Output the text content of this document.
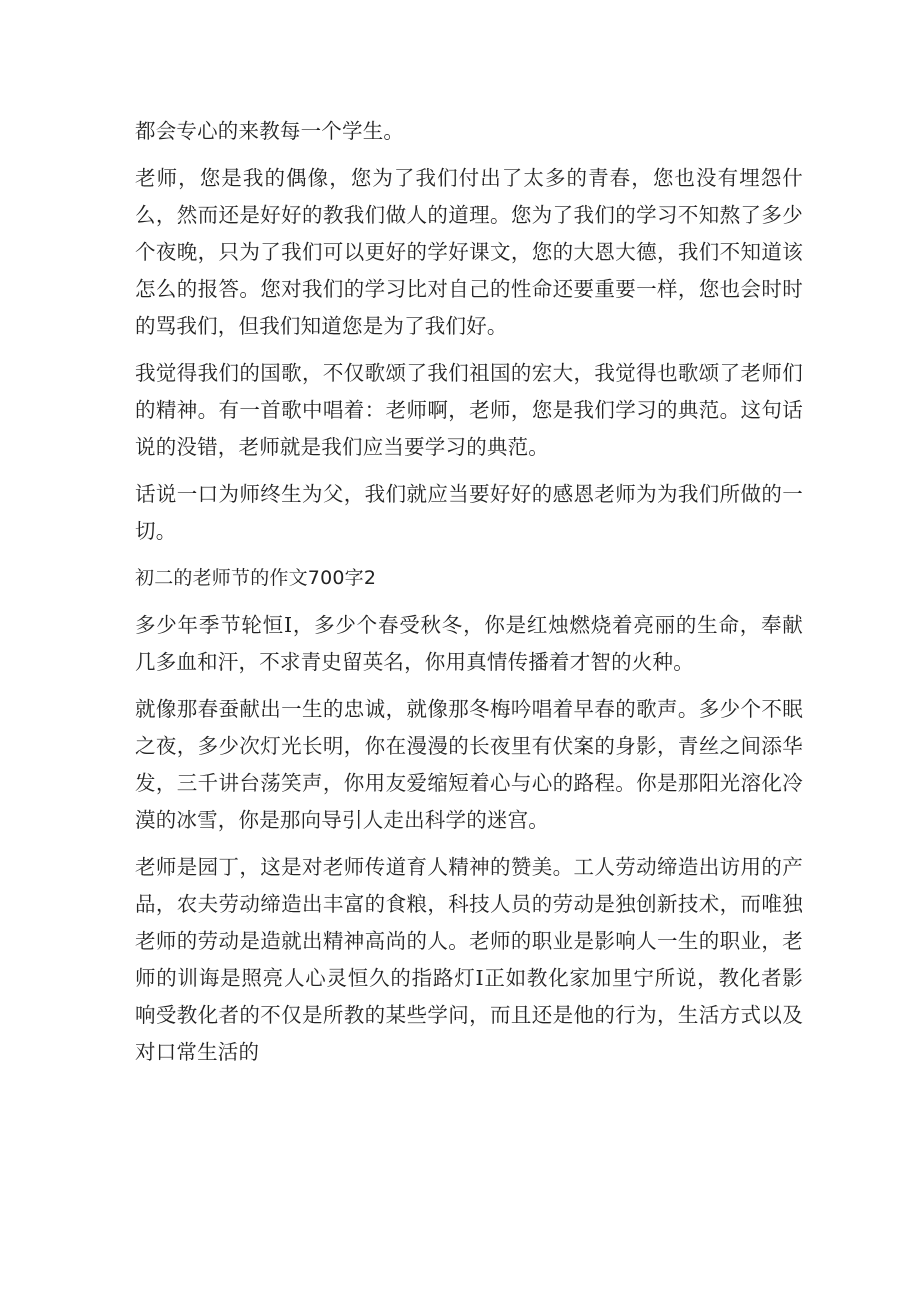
都会专心的来教每一个学生。

老师，您是我的偶像，您为了我们付出了太多的青春，您也没有埋怨什么，然而还是好好的教我们做人的道理。您为了我们的学习不知熬了多少个夜晚，只为了我们可以更好的学好课文，您的大恩大德，我们不知道该怎么的报答。您对我们的学习比对自己的性命还要重要一样，您也会时时的骂我们，但我们知道您是为了我们好。

我觉得我们的国歌，不仅歌颂了我们祖国的宏大，我觉得也歌颂了老师们的精神。有一首歌中唱着：老师啊，老师，您是我们学习的典范。这句话说的没错，老师就是我们应当要学习的典范。

话说一口为师终生为父，我们就应当要好好的感恩老师为为我们所做的一切。

初二的老师节的作文700字2

多少年季节轮恒I，多少个春受秋冬，你是红烛燃烧着亮丽的生命，奉献几多血和汗，不求青史留英名，你用真情传播着才智的火种。

就像那春蚕献出一生的忠诚，就像那冬梅吟唱着早春的歌声。多少个不眠之夜，多少次灯光长明，你在漫漫的长夜里有伏案的身影，青丝之间添华发，三千讲台荡笑声，你用友爱缩短着心与心的路程。你是那阳光溶化冷漠的冰雪，你是那向导引人走出科学的迷宫。

老师是园丁，这是对老师传道育人精神的赞美。工人劳动缔造出访用的产品，农夫劳动缔造出丰富的食粮，科技人员的劳动是独创新技术，而唯独老师的劳动是造就出精神高尚的人。老师的职业是影响人一生的职业，老师的训诲是照亮人心灵恒久的指路灯I正如教化家加里宁所说，教化者影响受教化者的不仅是所教的某些学问，而且还是他的行为，生活方式以及对口常生活的
